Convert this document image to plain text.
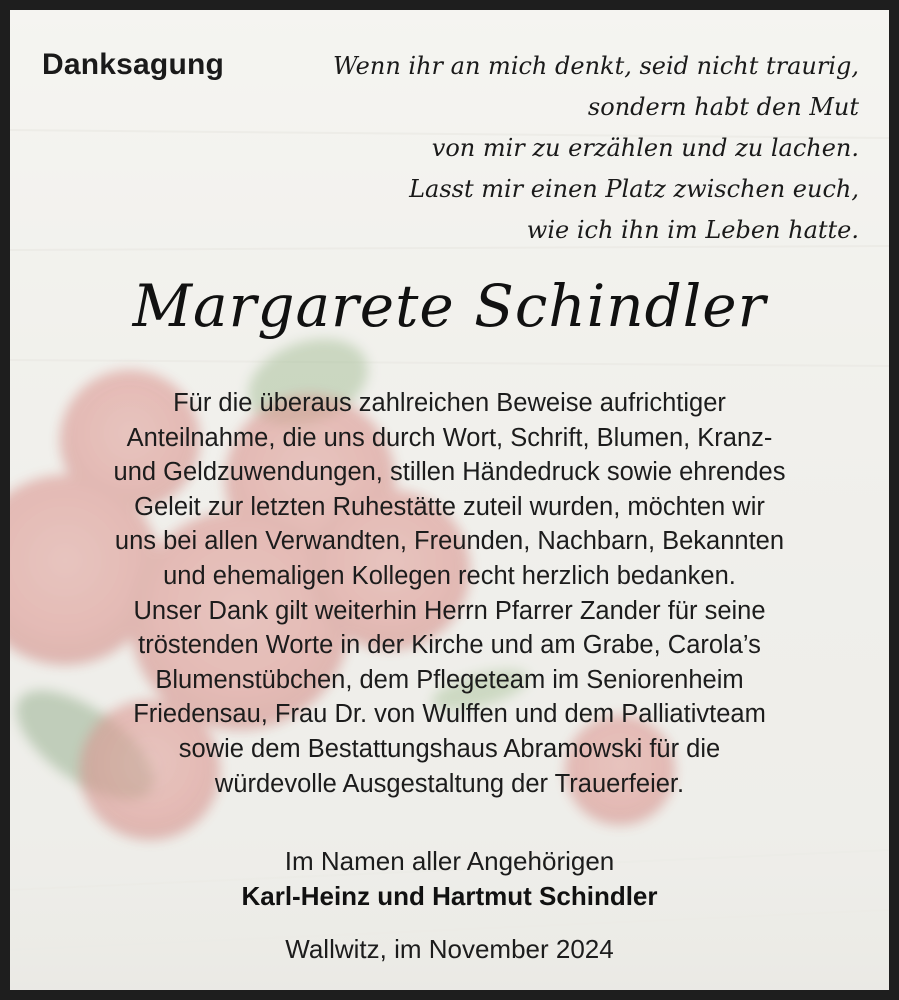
Danksagung	Wenn ihr an mich denkt, seid nicht traurig,
sondern habt den Mut
von mir zu erzählen und zu lachen.
Lasst mir einen Platz zwischen euch,
wie ich ihn im Leben hatte.
Margarete Schindler
Für die überaus zahlreichen Beweise aufrichtiger
Anteilnahme, die uns durch Wort, Schrift, Blumen, Kranz-
und Geldzuwendungen, stillen Händedruck sowie ehrendes
Geleit zur letzten Ruhestätte zuteil wurden, möchten wir
uns bei allen Verwandten, Freunden, Nachbarn, Bekannten
und ehemaligen Kollegen recht herzlich bedanken.
Unser Dank gilt weiterhin Herrn Pfarrer Zander für seine
tröstenden Worte in der Kirche und am Grabe, Carola’s
Blumenstübchen, dem Pflegeteam im Seniorenheim
Friedensau, Frau Dr. von Wulffen und dem Palliativteam
sowie dem Bestattungshaus Abramowski für die
würdevolle Ausgestaltung der Trauerfeier.
Im Namen aller Angehörigen
Karl-Heinz und Hartmut Schindler
Wallwitz, im November 2024
